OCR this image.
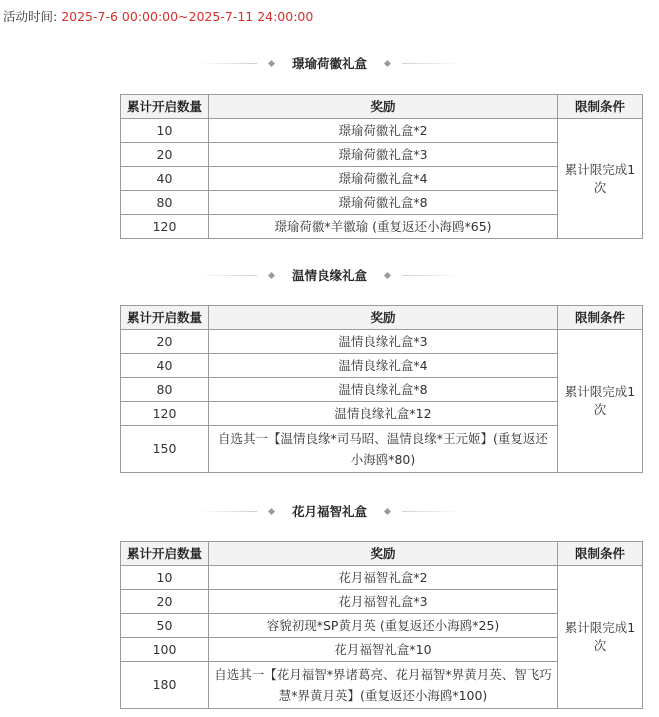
活动时间: 2025-7-6 00:00:00~2025-7-11 24:00:00
璟瑜荷徽礼盒
累计开启数量	奖励	限制条件
10	璟瑜荷徽礼盒*2	累计限完成1次
20	璟瑜荷徽礼盒*3	
40	璟瑜荷徽礼盒*4	
80	璟瑜荷徽礼盒*8	
120	璟瑜荷徽*羊徽瑜 (重复返还小海鸥*65)	
温情良缘礼盒
累计开启数量	奖励	限制条件
20	温情良缘礼盒*3	累计限完成1次
40	温情良缘礼盒*4	
80	温情良缘礼盒*8	
120	温情良缘礼盒*12	
150	自选其一【温情良缘*司马昭、温情良缘*王元姬】(重复返还小海鸥*80)	
花月福智礼盒
累计开启数量	奖励	限制条件
10	花月福智礼盒*2	累计限完成1次
20	花月福智礼盒*3	
50	容貌初现*SP黄月英 (重复返还小海鸥*25)	
100	花月福智礼盒*10	
180	自选其一【花月福智*界诸葛亮、花月福智*界黄月英、智飞巧慧*界黄月英】(重复返还小海鸥*100)	
